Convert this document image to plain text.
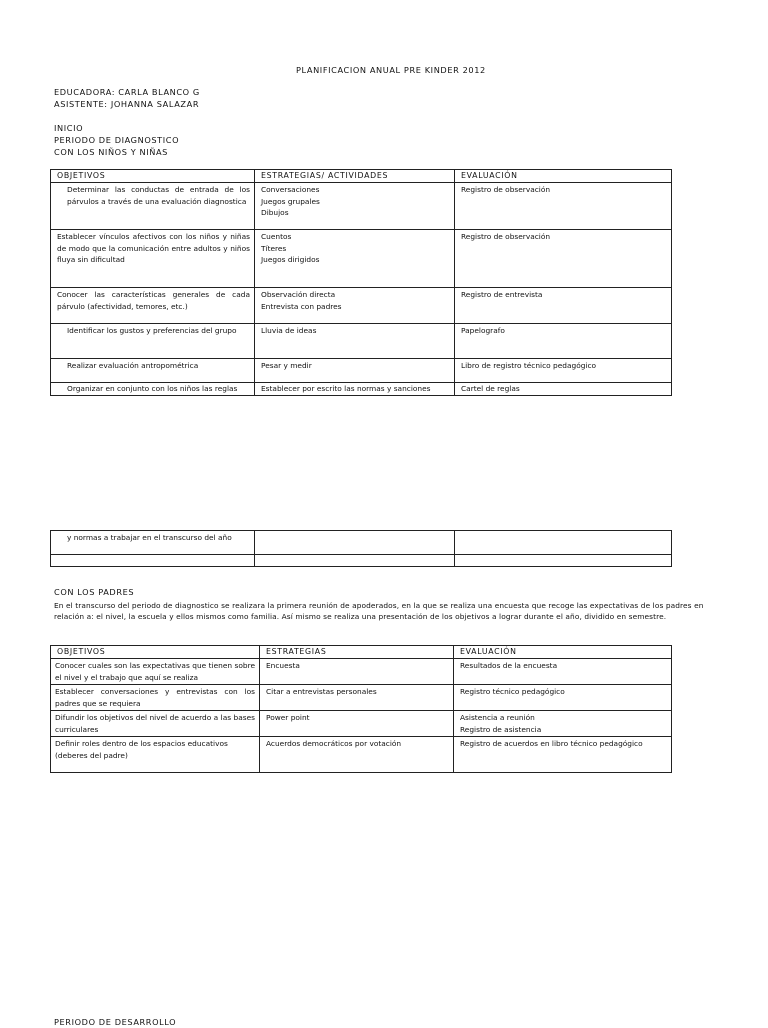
PLANIFICACION ANUAL PRE KINDER 2012
EDUCADORA: CARLA BLANCO G
ASISTENTE: JOHANNA SALAZAR
INICIO
PERIODO DE DIAGNOSTICO
CON LOS NIÑOS Y NIÑAS
OBJETIVOS	ESTRATEGIAS/ ACTIVIDADES	EVALUACIÓN
Determinar las conductas de entrada de los párvulos a través de una evaluación diagnostica	Conversaciones
Juegos grupales
Dibujos	Registro de observación
Establecer vínculos afectivos con los niños y niñas de modo que la comunicación entre adultos y niños fluya sin dificultad	Cuentos
Títeres
Juegos dirigidos	Registro de observación
Conocer las características generales de cada párvulo (afectividad, temores, etc.)	Observación directa
Entrevista con padres	Registro de entrevista
Identificar los gustos y preferencias del grupo	Lluvia de ideas	Papelografo
Realizar evaluación antropométrica	Pesar y medir	Libro de registro técnico pedagógico
Organizar en conjunto con los niños las reglas	Establecer por escrito las normas y sanciones	Cartel de reglas
y normas a trabajar en el transcurso del año		

CON LOS PADRES
En el transcurso del periodo de diagnostico se realizara la primera reunión de apoderados, en la que se realiza una encuesta que recoge las expectativas de los padres en
relación a: el nivel, la escuela y ellos mismos como familia. Así mismo se realiza una presentación de los objetivos a lograr durante el año, dividido en semestre.
OBJETIVOS	ESTRATEGIAS	EVALUACIÓN
Conocer cuales son las expectativas que tienen sobre el nivel y el trabajo que aquí se realiza	Encuesta	Resultados de la encuesta
Establecer conversaciones y entrevistas con los padres que se requiera	Citar a entrevistas personales	Registro técnico pedagógico
Difundir los objetivos del nivel de acuerdo a las bases curriculares	Power point	Asistencia a reunión
Registro de asistencia

Definir roles dentro de los espacios educativos (deberes del padre)	Acuerdos democráticos por votación	Registro de acuerdos en libro técnico pedagógico
PERIODO DE DESARROLLO
